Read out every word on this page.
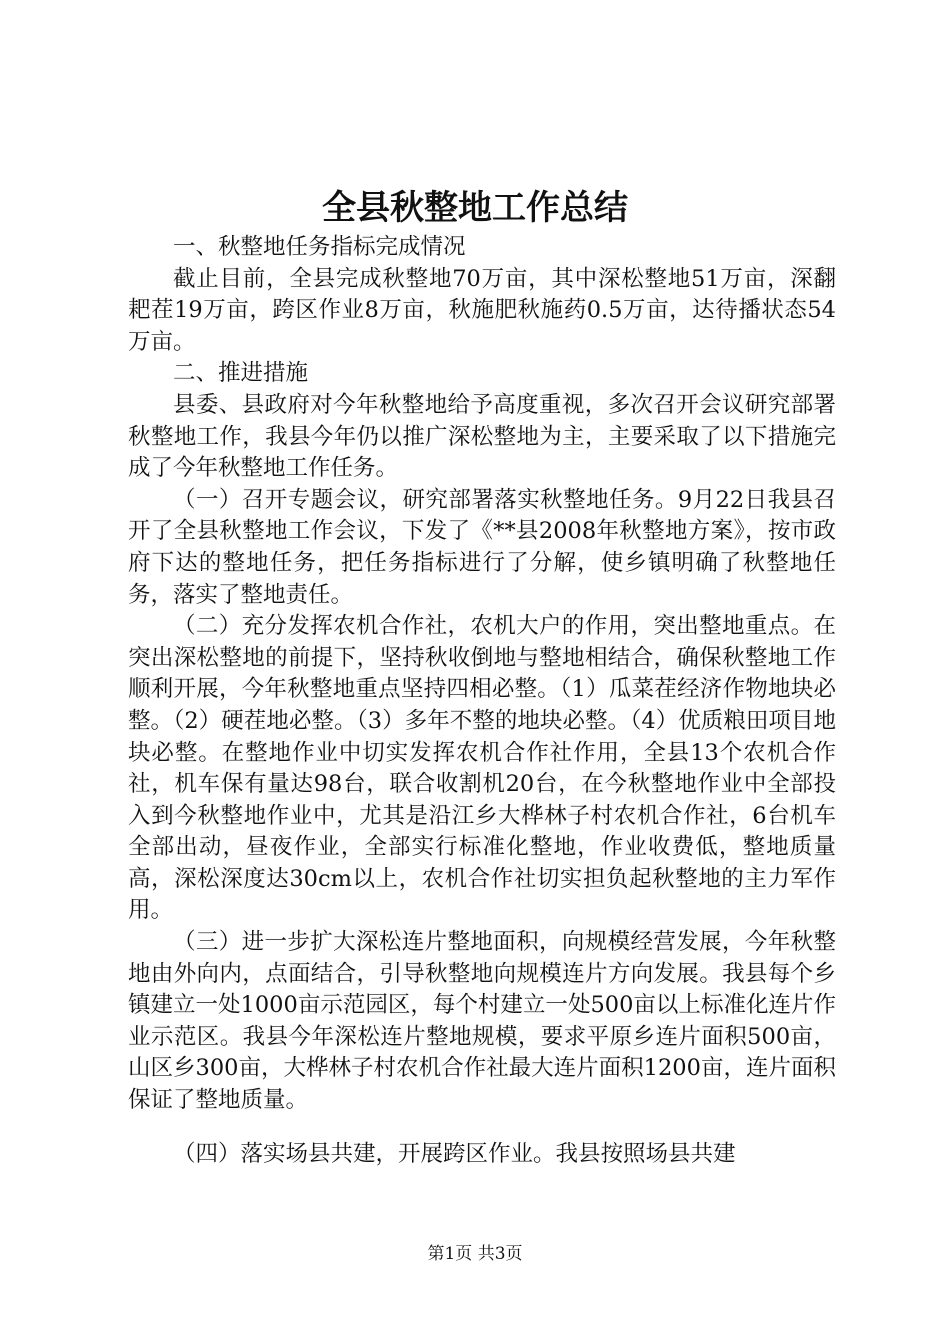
全县秋整地工作总结

一、秋整地任务指标完成情况

截止目前，全县完成秋整地70万亩，其中深松整地51万亩，深翻耙茬19万亩，跨区作业8万亩，秋施肥秋施药0.5万亩，达待播状态54万亩。

二、推进措施

县委、县政府对今年秋整地给予高度重视，多次召开会议研究部署秋整地工作，我县今年仍以推广深松整地为主，主要采取了以下措施完成了今年秋整地工作任务。

（一）召开专题会议，研究部署落实秋整地任务。9月22日我县召开了全县秋整地工作会议，下发了《**县2008年秋整地方案》，按市政府下达的整地任务，把任务指标进行了分解，使乡镇明确了秋整地任务，落实了整地责任。

（二）充分发挥农机合作社，农机大户的作用，突出整地重点。在突出深松整地的前提下，坚持秋收倒地与整地相结合，确保秋整地工作顺利开展，今年秋整地重点坚持四相必整。（1）瓜菜茬经济作物地块必整。（2）硬茬地必整。（3）多年不整的地块必整。（4）优质粮田项目地块必整。在整地作业中切实发挥农机合作社作用，全县13个农机合作社，机车保有量达98台，联合收割机20台，在今秋整地作业中全部投入到今秋整地作业中，尤其是沿江乡大桦林子村农机合作社，6台机车全部出动，昼夜作业，全部实行标准化整地，作业收费低，整地质量高，深松深度达30cm以上，农机合作社切实担负起秋整地的主力军作用。

（三）进一步扩大深松连片整地面积，向规模经营发展，今年秋整地由外向内，点面结合，引导秋整地向规模连片方向发展。我县每个乡镇建立一处1000亩示范园区，每个村建立一处500亩以上标准化连片作业示范区。我县今年深松连片整地规模，要求平原乡连片面积500亩，山区乡300亩，大桦林子村农机合作社最大连片面积1200亩，连片面积保证了整地质量。

（四）落实场县共建，开展跨区作业。我县按照场县共建

第1页 共3页
